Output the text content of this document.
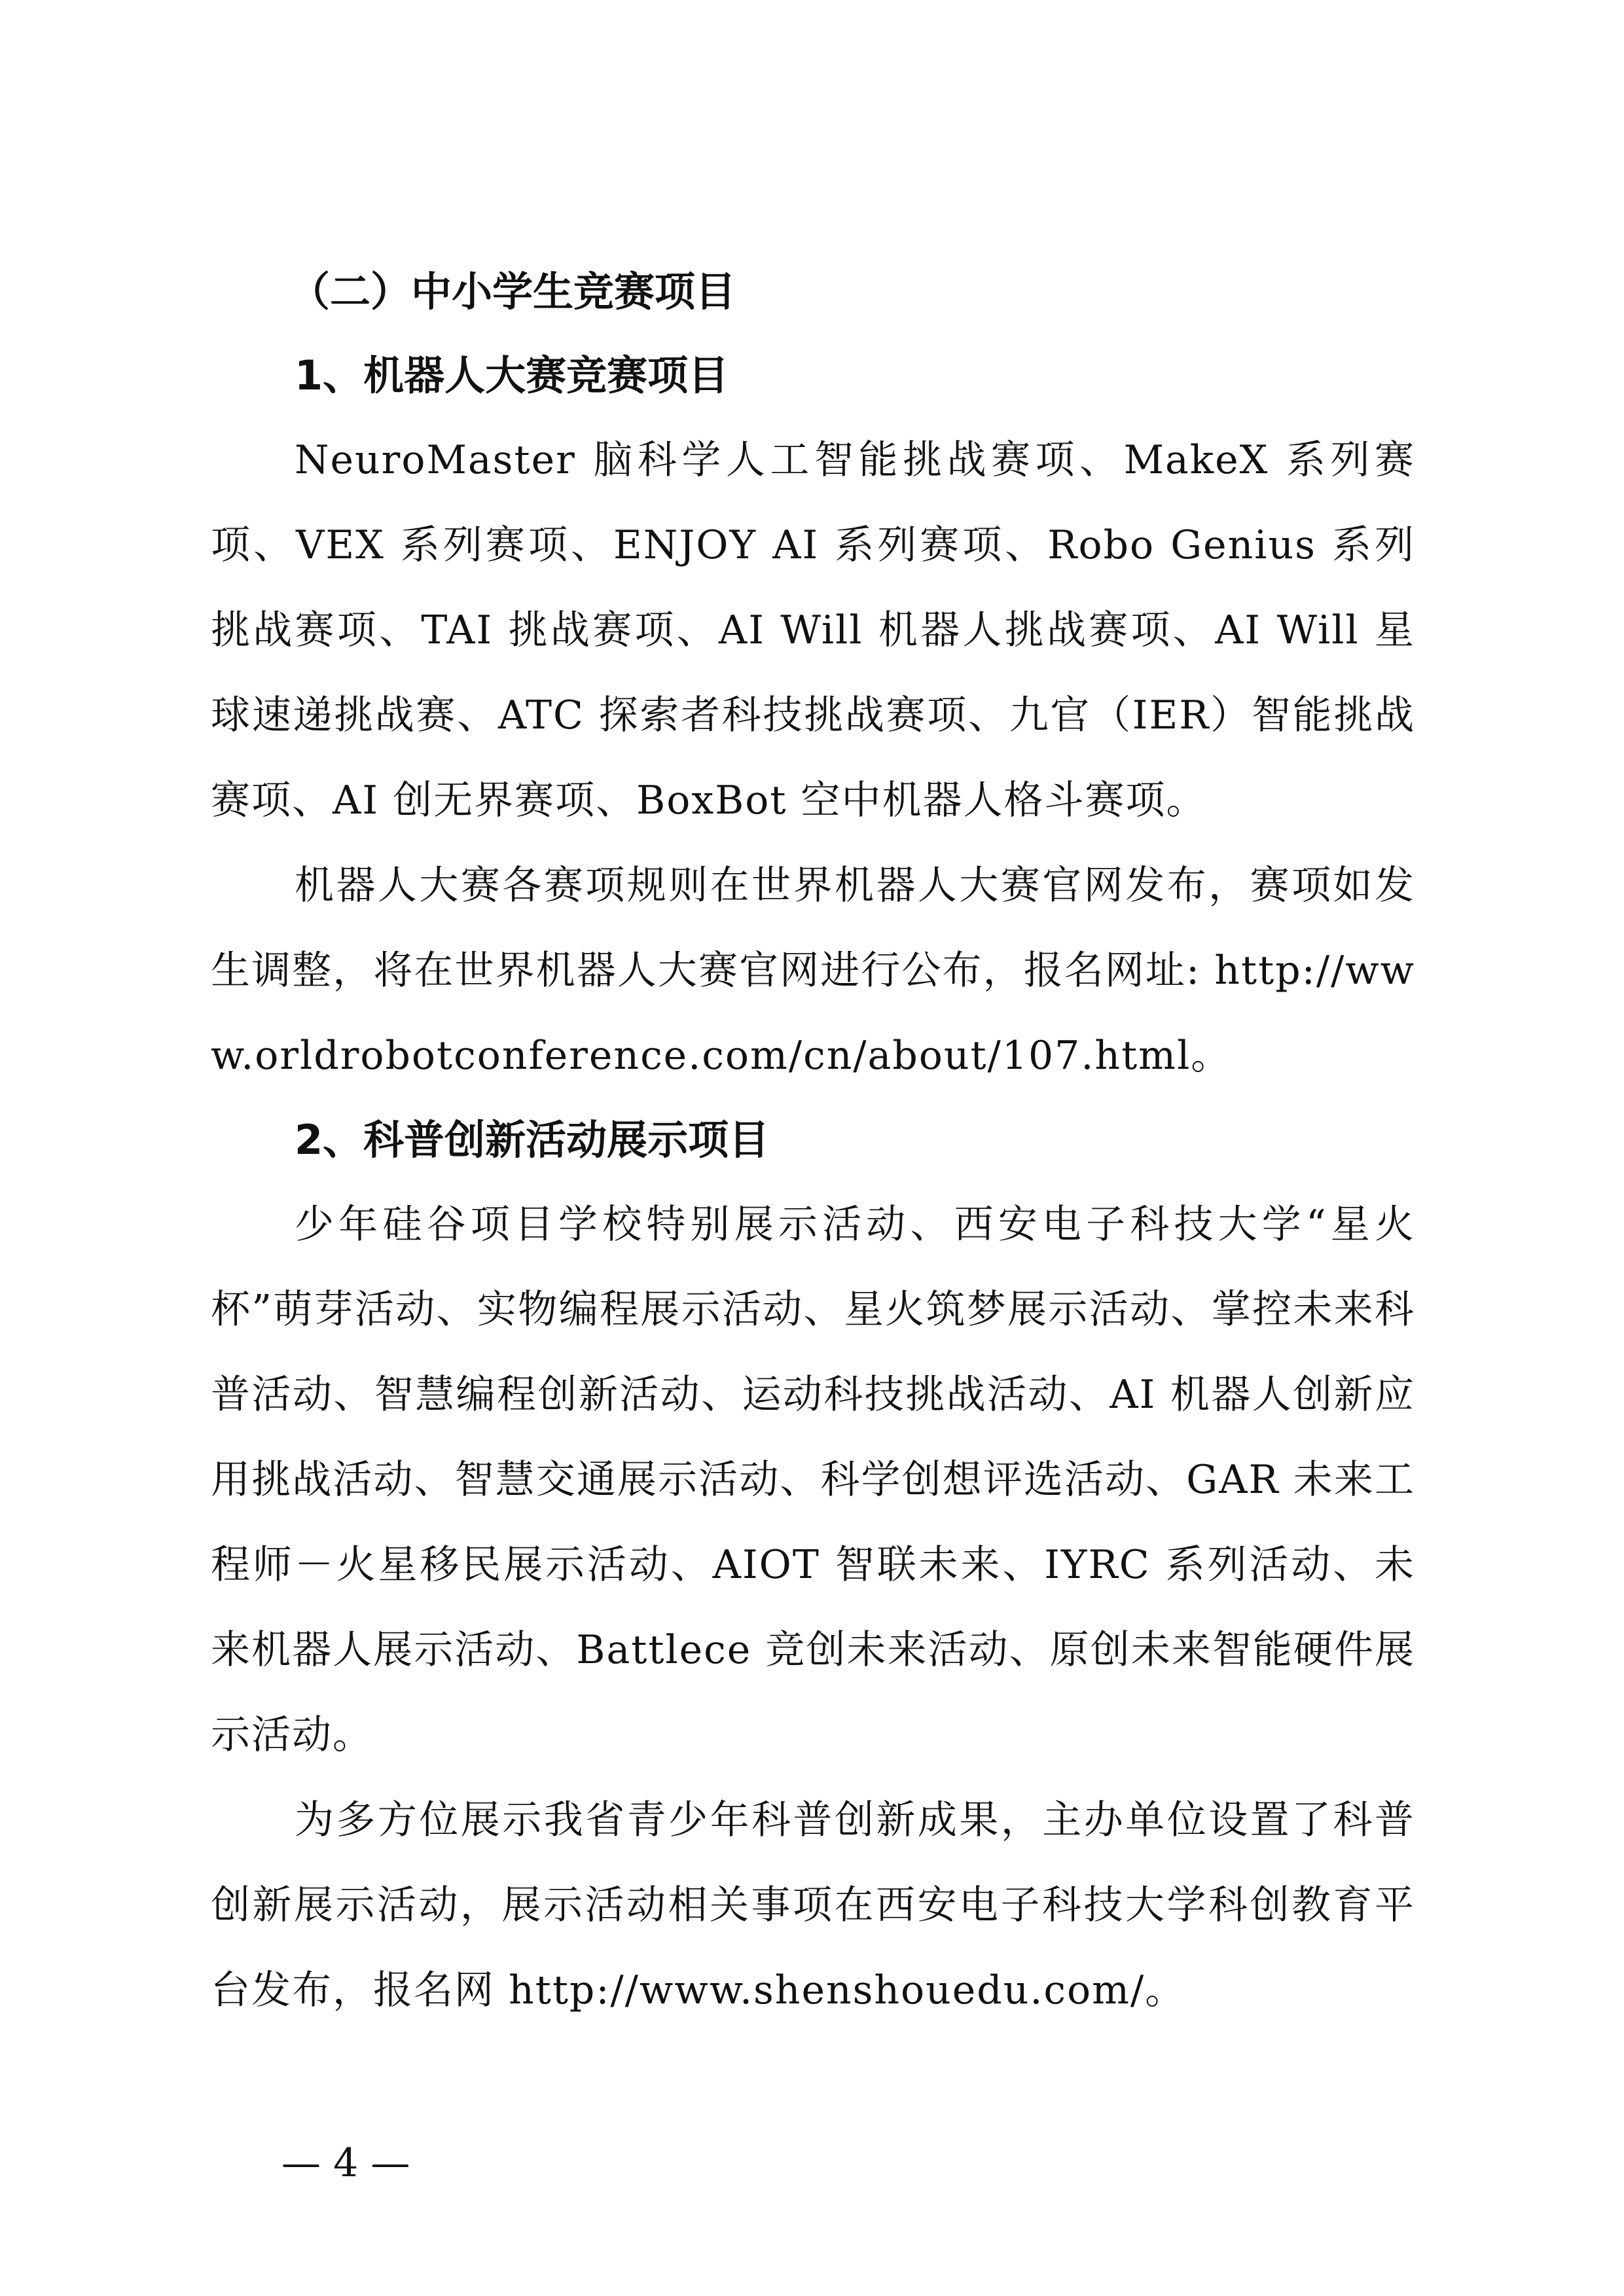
（二）中小学生竞赛项目

1、机器人大赛竞赛项目

NeuroMaster 脑科学人工智能挑战赛项、MakeX 系列赛项、VEX 系列赛项、ENJOY AI 系列赛项、Robo Genius 系列挑战赛项、TAI 挑战赛项、AI Will 机器人挑战赛项、AI Will 星球速递挑战赛、ATC 探索者科技挑战赛项、九官（IER）智能挑战赛项、AI 创无界赛项、BoxBot 空中机器人格斗赛项。

机器人大赛各赛项规则在世界机器人大赛官网发布，赛项如发生调整，将在世界机器人大赛官网进行公布，报名网址: http://www.orldrobotconference.com/cn/about/107.html。

2、科普创新活动展示项目

少年硅谷项目学校特别展示活动、西安电子科技大学“星火杯”萌芽活动、实物编程展示活动、星火筑梦展示活动、掌控未来科普活动、智慧编程创新活动、运动科技挑战活动、AI 机器人创新应用挑战活动、智慧交通展示活动、科学创想评选活动、GAR 未来工程师－火星移民展示活动、AIOT 智联未来、IYRC 系列活动、未来机器人展示活动、Battlece 竞创未来活动、原创未来智能硬件展示活动。

为多方位展示我省青少年科普创新成果，主办单位设置了科普创新展示活动，展示活动相关事项在西安电子科技大学科创教育平台发布，报名网 http://www.shenshouedu.com/。

— 4 —
